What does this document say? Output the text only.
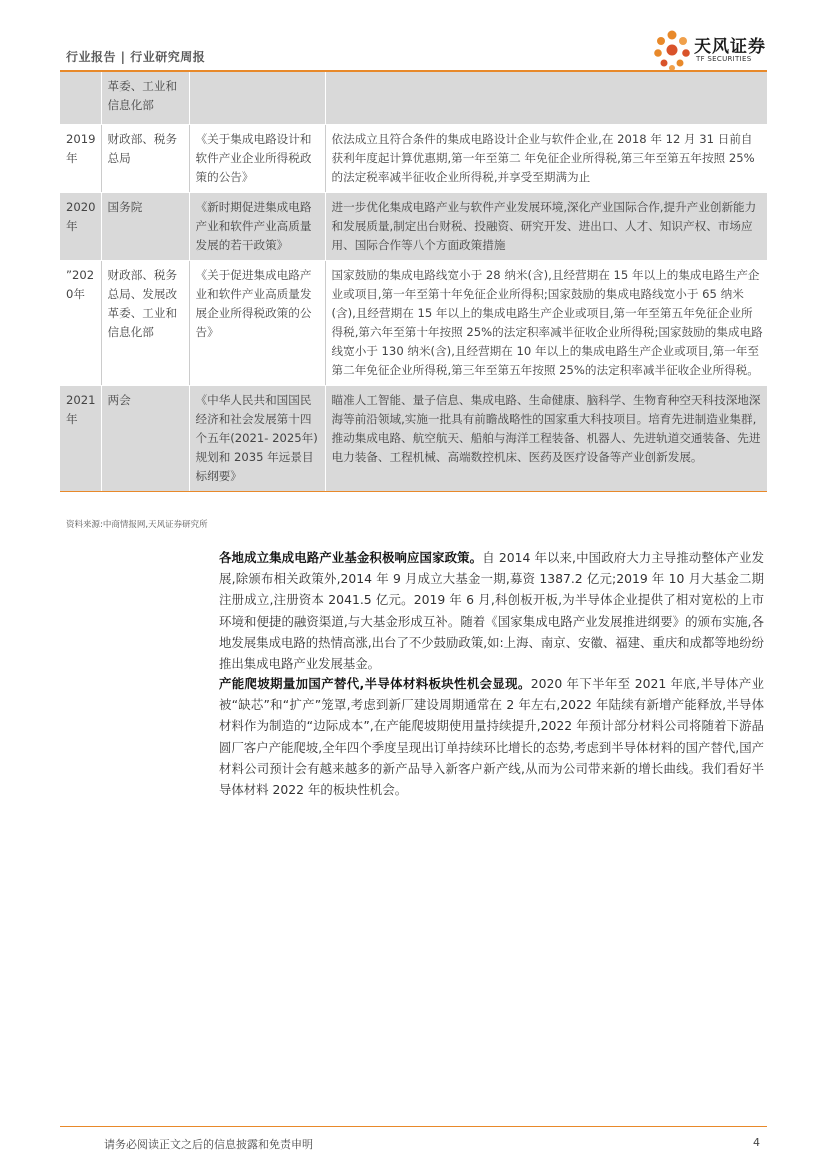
行业报告 | 行业研究周报	天风证券
TF SECURITIES
	革委、工业和信息化部		
2019年	财政部、税务总局	《关于集成电路设计和软件产业企业所得税政策的公告》	依法成立且符合条件的集成电路设计企业与软件企业,在 2018 年 12 月 31 日前自获利年度起计算优惠期,第一年至第二 年免征企业所得税,第三年至第五年按照 25%的法定税率减半征收企业所得税,并享受至期满为止
2020年	国务院	《新时期促进集成电路产业和软件产业高质量发展的若干政策》	进一步优化集成电路产业与软件产业发展环境,深化产业国际合作,提升产业创新能力和发展质量,制定出台财税、投融资、研究开发、进出口、人才、知识产权、市场应用、国际合作等八个方面政策措施
”2020年	财政部、税务总局、发展改革委、工业和信息化部	《关于促进集成电路产业和软件产业高质量发展企业所得税政策的公告》	国家鼓励的集成电路线宽小于 28 纳米(含),且经营期在 15 年以上的集成电路生产企业或项目,第一年至第十年免征企业所得积;国家鼓励的集成电路线宽小于 65 纳米(含),且经营期在 15 年以上的集成电路生产企业或项目,第一年至第五年免征企业所得税,第六年至第十年按照 25%的法定积率减半征收企业所得税;国家鼓励的集成电路线宽小于 130 纳米(含),且经营期在 10 年以上的集成电路生产企业或项目,第一年至第二年免征企业所得税,第三年至第五年按照 25%的法定积率减半征收企业所得税。
2021年	两会	《中华人民共和国国民经济和社会发展第十四个五年(2021- 2025年)规划和 2035 年远景目标纲要》	瞄准人工智能、量子信息、集成电路、生命健康、脑科学、生物育种空天科技深地深海等前沿领域,实施一批具有前瞻战略性的国家重大科技项目。培育先进制造业集群,推动集成电路、航空航天、船舶与海洋工程装备、机器人、先进轨道交通装备、先进电力装备、工程机械、高端数控机床、医药及医疗设备等产业创新发展。
资料来源:中商情报网,天风证券研究所
各地成立集成电路产业基金积极响应国家政策。自 2014 年以来,中国政府大力主导推动整体产业发展,除颁布相关政策外,2014 年 9 月成立大基金一期,募资 1387.2 亿元;2019 年 10 月大基金二期注册成立,注册资本 2041.5 亿元。2019 年 6 月,科创板开板,为半导体企业提供了相对宽松的上市环境和便捷的融资渠道,与大基金形成互补。随着《国家集成电路产业发展推进纲要》的颁布实施,各地发展集成电路的热情高涨,出台了不少鼓励政策,如:上海、南京、安徽、福建、重庆和成都等地纷纷推出集成电路产业发展基金。
产能爬坡期量加国产替代,半导体材料板块性机会显现。2020 年下半年至 2021 年底,半导体产业被“缺芯”和“扩产”笼罩,考虑到新厂建设周期通常在 2 年左右,2022 年陆续有新增产能释放,半导体材料作为制造的“边际成本”,在产能爬坡期使用量持续提升,2022 年预计部分材料公司将随着下游晶圆厂客户产能爬坡,全年四个季度呈现出订单持续环比增长的态势,考虑到半导体材料的国产替代,国产材料公司预计会有越来越多的新产品导入新客户新产线,从而为公司带来新的增长曲线。我们看好半导体材料 2022 年的板块性机会。
请务必阅读正文之后的信息披露和免责申明	4
